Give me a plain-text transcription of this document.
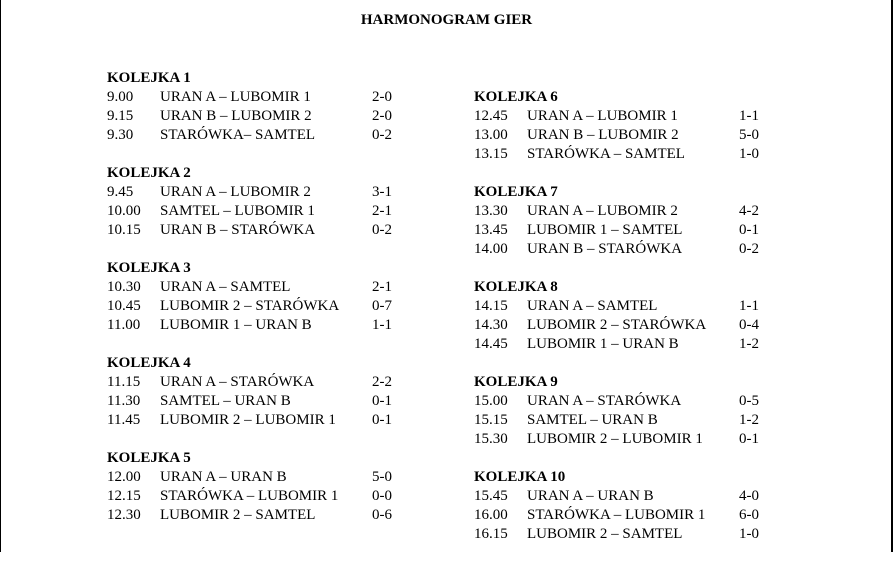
HARMONOGRAM GIER
KOLEJKA 1
9.00 URAN A – LUBOMIR 1	2-0
9.15 URAN B – LUBOMIR 2	2-0
9.30 STARÓWKA– SAMTEL	0-2
KOLEJKA 2
9.45 URAN A – LUBOMIR 2	3-1
10.00 SAMTEL – LUBOMIR 1	2-1
10.15 URAN B – STARÓWKA	0-2
KOLEJKA 3
10.30 URAN A – SAMTEL	2-1
10.45 LUBOMIR 2 – STARÓWKA 0-7
11.00 LUBOMIR 1 – URAN B	1-1
KOLEJKA 4
11.15 URAN A – STARÓWKA	2-2
11.30 SAMTEL – URAN B	0-1
11.45 LUBOMIR 2 – LUBOMIR 1 0-1
KOLEJKA 5
12.00 URAN A – URAN B	5-0
12.15 STARÓWKA – LUBOMIR 1 0-0
12.30 LUBOMIR 2 – SAMTEL	0-6
KOLEJKA 6
12.45 URAN A – LUBOMIR 1	1-1
13.00 URAN B – LUBOMIR 2	5-0
13.15 STARÓWKA – SAMTEL	1-0
KOLEJKA 7
13.30 URAN A – LUBOMIR 2	4-2
13.45 LUBOMIR 1 – SAMTEL	0-1
14.00 URAN B – STARÓWKA	0-2
KOLEJKA 8
14.15 URAN A – SAMTEL	1-1
14.30 LUBOMIR 2 – STARÓWKA 0-4
14.45 LUBOMIR 1 – URAN B	1-2
KOLEJKA 9
15.00 URAN A – STARÓWKA	0-5
15.15 SAMTEL – URAN B	1-2
15.30 LUBOMIR 2 – LUBOMIR 1 0-1
KOLEJKA 10
15.45 URAN A – URAN B	4-0
16.00 STARÓWKA – LUBOMIR 1 6-0
16.15 LUBOMIR 2 – SAMTEL	1-0
